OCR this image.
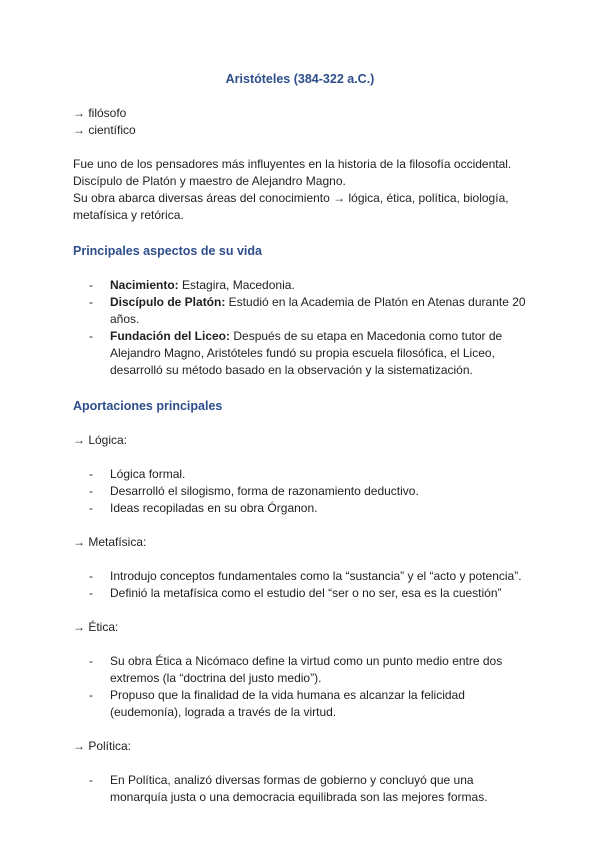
Aristóteles (384-322 a.C.)

→ filósofo

→ científico

Fue uno de los pensadores más influyentes en la historia de la filosofía occidental.

Discípulo de Platón y maestro de Alejandro Magno.

Su obra abarca diversas áreas del conocimiento → lógica, ética, política, biología, metafísica y retórica.

Principales aspectos de su vida

- Nacimiento: Estagira, Macedonia.
- Discípulo de Platón: Estudió en la Academia de Platón en Atenas durante 20 años.
- Fundación del Liceo: Después de su etapa en Macedonia como tutor de Alejandro Magno, Aristóteles fundó su propia escuela filosófica, el Liceo, desarrolló su método basado en la observación y la sistematización.

Aportaciones principales

→ Lógica:

- Lógica formal.
- Desarrolló el silogismo, forma de razonamiento deductivo.
- Ideas recopiladas en su obra Órganon.

→ Metafísica:

- Introdujo conceptos fundamentales como la “sustancia” y el “acto y potencia”.
- Definió la metafísica como el estudio del “ser o no ser, esa es la cuestión”

→ Ética:

- Su obra Ética a Nicómaco define la virtud como un punto medio entre dos extremos (la “doctrina del justo medio”).
- Propuso que la finalidad de la vida humana es alcanzar la felicidad (eudemonía), lograda a través de la virtud.

→ Política:

- En Política, analizó diversas formas de gobierno y concluyó que una monarquía justa o una democracia equilibrada son las mejores formas.
